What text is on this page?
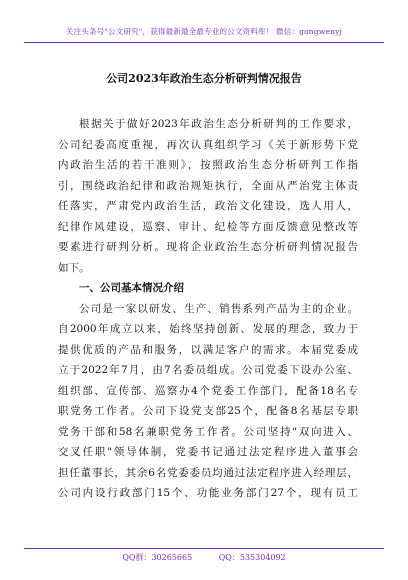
关注头条号"公文研究"，获得最新最全最专业的公文资料库！ 微信：gongwenyj
公司2023年政治生态分析研判情况报告
根据关于做好2023年政治生态分析研判的工作要求，
公司纪委高度重视，再次认真组织学习《关于新形势下党
内政治生活的若干准则》，按照政治生态分析研判工作指
引，围绕政治纪律和政治规矩执行，全面从严治党主体责
任落实，严肃党内政治生活，政治文化建设，选人用人，
纪律作风建设，巡察、审计、纪检等方面反馈意见整改等
要素进行研判分析。现将企业政治生态分析研判情况报告
如下。
一、公司基本情况介绍
公司是一家以研发、生产、销售系列产品为主的企业。
自2000年成立以来，始终坚持创新、发展的理念，致力于
提供优质的产品和服务，以满足客户的需求。本届党委成
立于2022年7月，由7名委员组成。公司党委下设办公室、
组织部、宣传部、巡察办4个党委工作部门，配备18名专
职党务工作者。公司下设党支部25个，配备8名基层专职
党务干部和58名兼职党务工作者。公司坚持"双向进入、
交叉任职"领导体制，党委书记通过法定程序进入董事会
担任董事长，其余6名党委委员均通过法定程序进入经理层，
公司内设行政部门15个、功能业务部门27个，现有员工
QQ群：30265665	QQ：535304092
